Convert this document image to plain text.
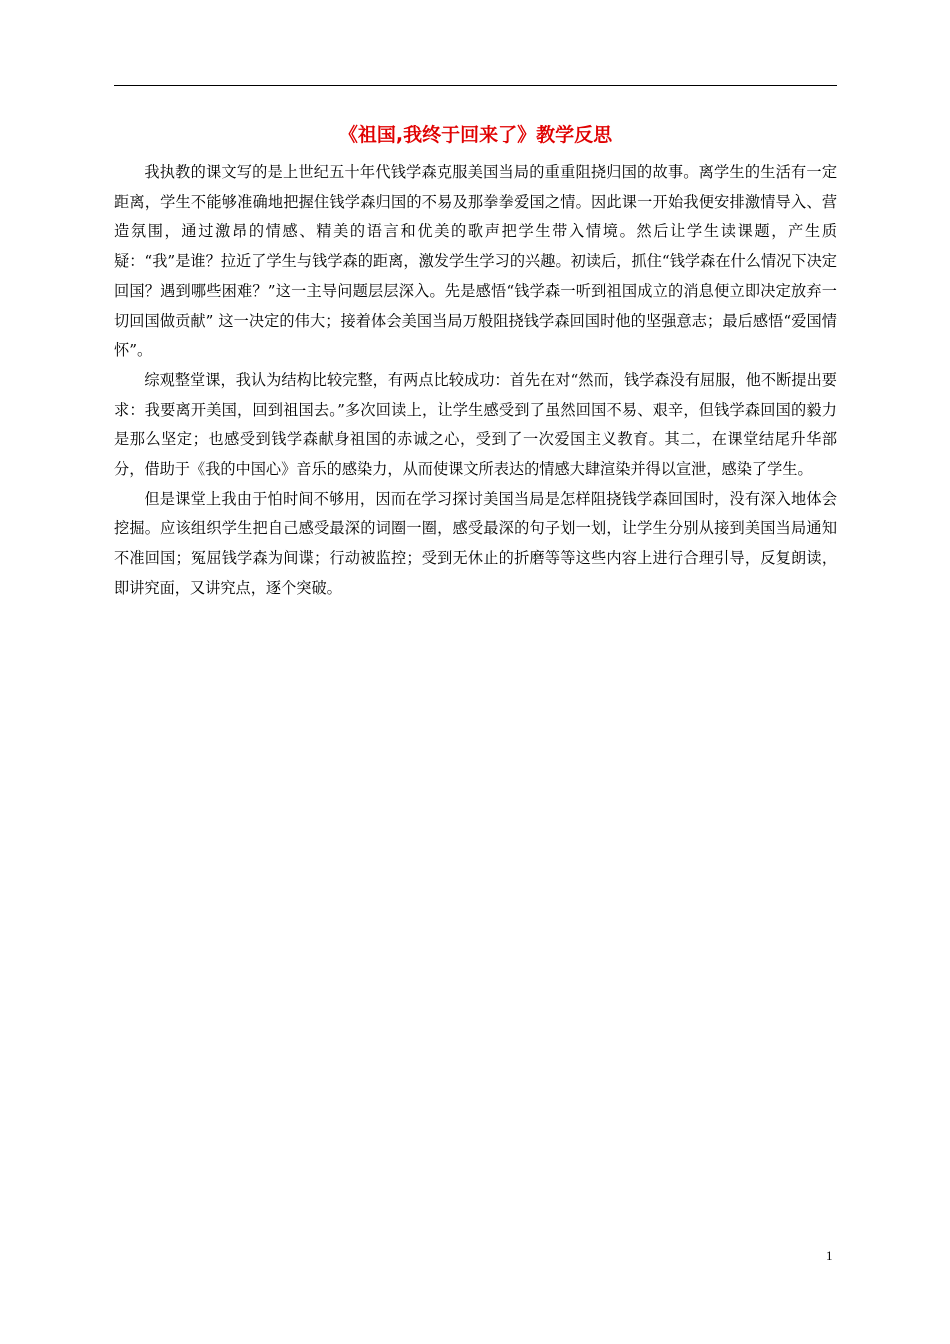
《祖国,我终于回来了》教学反思

我执教的课文写的是上世纪五十年代钱学森克服美国当局的重重阻挠归国的故事。离学生的生活有一定距离，学生不能够准确地把握住钱学森归国的不易及那拳拳爱国之情。因此课一开始我便安排激情导入、营造氛围，通过激昂的情感、精美的语言和优美的歌声把学生带入情境。然后让学生读课题，产生质疑：“我”是谁？拉近了学生与钱学森的距离，激发学生学习的兴趣。初读后，抓住“钱学森在什么情况下决定回国？遇到哪些困难？”这一主导问题层层深入。先是感悟“钱学森一听到祖国成立的消息便立即决定放弃一切回国做贡献” 这一决定的伟大；接着体会美国当局万般阻挠钱学森回国时他的坚强意志；最后感悟“爱国情怀”。

综观整堂课，我认为结构比较完整，有两点比较成功：首先在对“然而，钱学森没有屈服，他不断提出要求：我要离开美国，回到祖国去。”多次回读上，让学生感受到了虽然回国不易、艰辛，但钱学森回国的毅力是那么坚定；也感受到钱学森献身祖国的赤诚之心，受到了一次爱国主义教育。其二，在课堂结尾升华部分，借助于《我的中国心》音乐的感染力，从而使课文所表达的情感大肆渲染并得以宣泄，感染了学生。

但是课堂上我由于怕时间不够用，因而在学习探讨美国当局是怎样阻挠钱学森回国时，没有深入地体会挖掘。应该组织学生把自己感受最深的词圈一圈，感受最深的句子划一划，让学生分别从接到美国当局通知不准回国；冤屈钱学森为间谍；行动被监控；受到无休止的折磨等等这些内容上进行合理引导，反复朗读，即讲究面，又讲究点，逐个突破。

1
